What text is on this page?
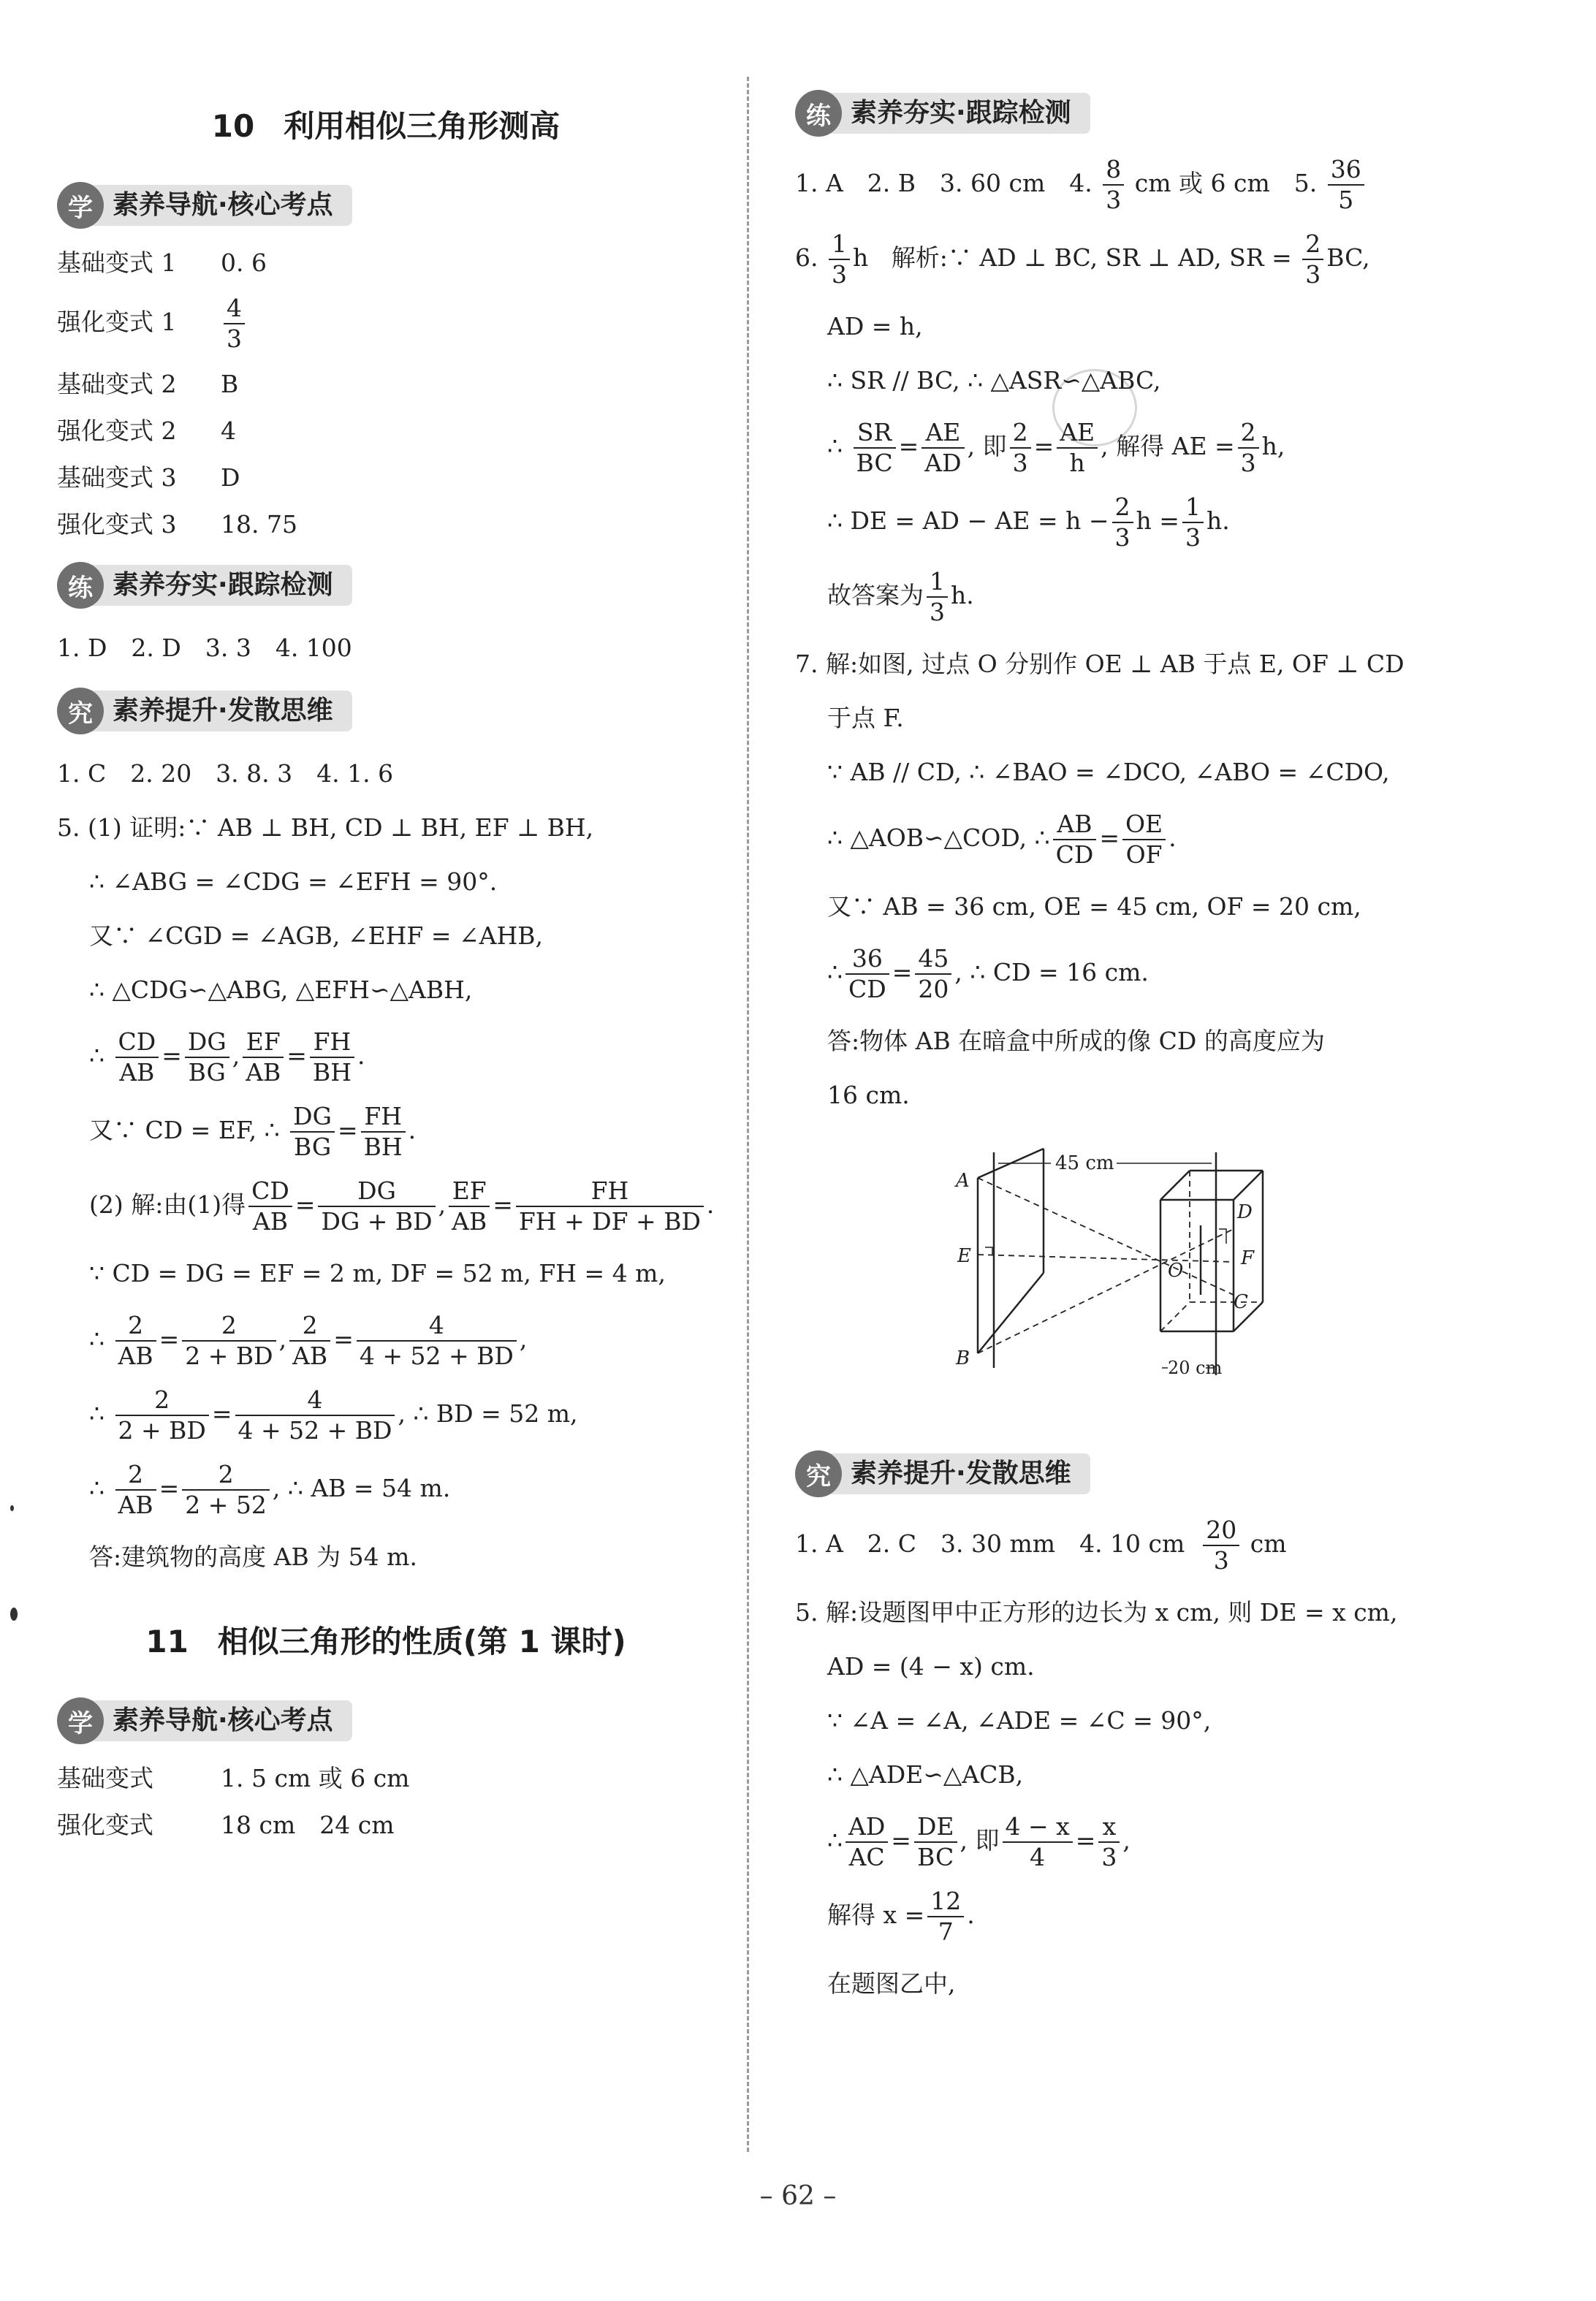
10 利用相似三角形测高
学 素养导航·核心考点
基础变式 1 0. 6
强化变式 $1 \frac{4}{3}$
基础变式 2 B
强化变式 2 4
基础变式 3 D
强化变式 3 18. 75
练 素养夯实·跟踪检测
1. D　2. D　3. 3　4. 100
究 素养提升·发散思维
1. C　2. 20　3. 8. 3　4. 1. 6
5. (1) 证明:∵ AB ⊥ BH, CD ⊥ BH, EF ⊥ BH,
∴ ∠ABG = ∠CDG = ∠EFH = 90°.
又∵ ∠CGD = ∠AGB, ∠EHF = ∠AHB,
∴ △CDG∽△ABG, △EFH∽△ABH,
∴ $\frac{CD}{AB} = \frac{DG}{BG}$ , $\frac{EF}{AB} = \frac{FH}{BH}$ .
又∵ CD = EF, ∴ $\frac{DG}{BG} = \frac{FH}{BH}$ .
(2) 解:由(1)得 $\frac{CD}{AB} = \frac{DG}{DG + BD}$ , $\frac{EF}{AB} = \frac{FH}{FH + DF + BD}$ .
∵ CD = DG = EF = 2 m, DF = 52 m, FH = 4 m,
∴ $\frac{2}{AB} = \frac{2}{2 + BD}$ , $\frac{2}{AB} = \frac{4}{4 + 52 + BD}$ ,
∴ $\frac{2}{2 + BD} = \frac{4}{4 + 52 + BD}$ , ∴ BD = 52 m,
∴ $\frac{2}{AB} = \frac{2}{2 + 52}$ , ∴ AB = 54 m.
答:建筑物的高度 AB 为 54 m.
11 相似三角形的性质(第 1 课时)
学 素养导航·核心考点
基础变式	1. 5 cm 或 6 cm
强化变式	18 cm　24 cm
练 素养夯实·跟踪检测
1. A　2. B　3. 60 cm　4. $\frac{8}{3}$ cm 或 6 cm　5. $\frac{36}{5}$
6. $\frac{1}{3}$ h 解析:∵ AD ⊥ BC, SR ⊥ AD, SR = $\frac{2}{3}$ BC,
AD = h,
∴ SR // BC, ∴ △ASR∽△ABC,
∴ $\frac{SR}{BC} = \frac{AE}{AD}$ , 即 $\frac{2}{3} = \frac{AE}{h}$ , 解得 AE = $\frac{2}{3} h$,
∴ DE = AD − AE = $h - \frac{2}{3}$ $h = \frac{1}{3} h$.
故答案为 $\frac{1}{3} h$.
7. 解:如图, 过点 O 分别作 OE ⊥ AB 于点 E, OF ⊥ CD
于点 F.
∵ AB // CD, ∴ ∠BAO = ∠DCO, ∠ABO = ∠CDO,
∴ △AOB∽△COD, ∴ $\frac{AB}{CD} = \frac{OE}{OF}$ .
又∵ AB = 36 cm, OE = 45 cm, OF = 20 cm,
∴ $\frac{36}{CD} = \frac{45}{20}$ , ∴ CD = 16 cm.
答:物体 AB 在暗盒中所成的像 CD 的高度应为
16 cm.
45 cm
20 cm
A
B
E
O
D
F
C
究 素养提升·发散思维
1. A　2. C　3. 30 mm　4. 10 cm $\frac{20}{3}$ cm
5. 解:设题图甲中正方形的边长为 x cm, 则 DE = x cm,
AD = (4 − x) cm.
∵ ∠A = ∠A, ∠ADE = ∠C = 90°,
∴ △ADE∽△ACB,
∴ $\frac{AD}{AC} = \frac{DE}{BC}$ , 即 $\frac{4 - x}{4} = \frac{x}{3}$ ,
解得 $x = \frac{12}{7}$ .
在题图乙中,
– 62 –
